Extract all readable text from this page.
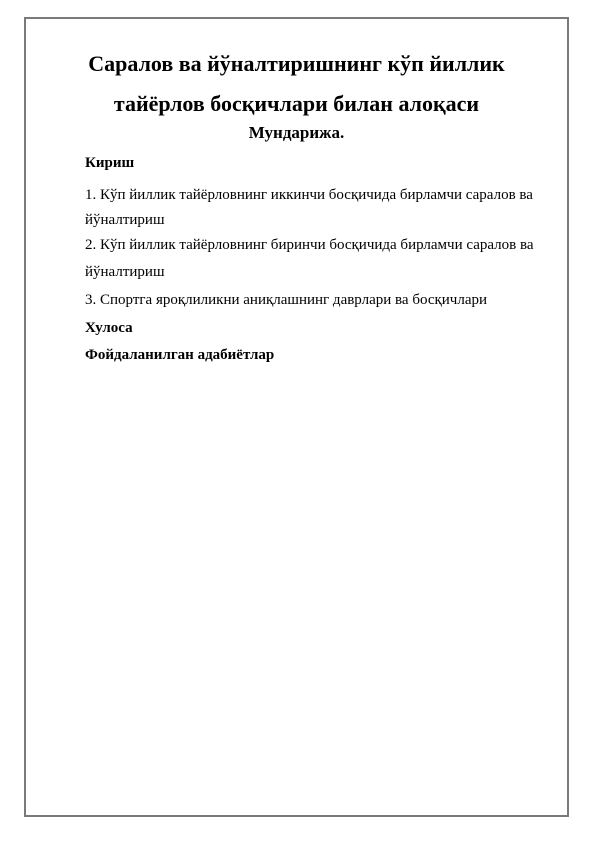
Саралов ва йўналтиришнинг кўп йиллик
тайёрлов босқичлари билан алоқаси
Мундарижа.
Кириш
1. Кўп йиллик тайёрловнинг иккинчи босқичида бирламчи саралов ва
йўналтириш
2. Кўп йиллик тайёрловнинг биринчи босқичида бирламчи саралов ва
йўналтириш
3. Спортга яроқлиликни аниқлашнинг даврлари ва босқичлари
Хулоса
Фойдаланилган адабиётлар
